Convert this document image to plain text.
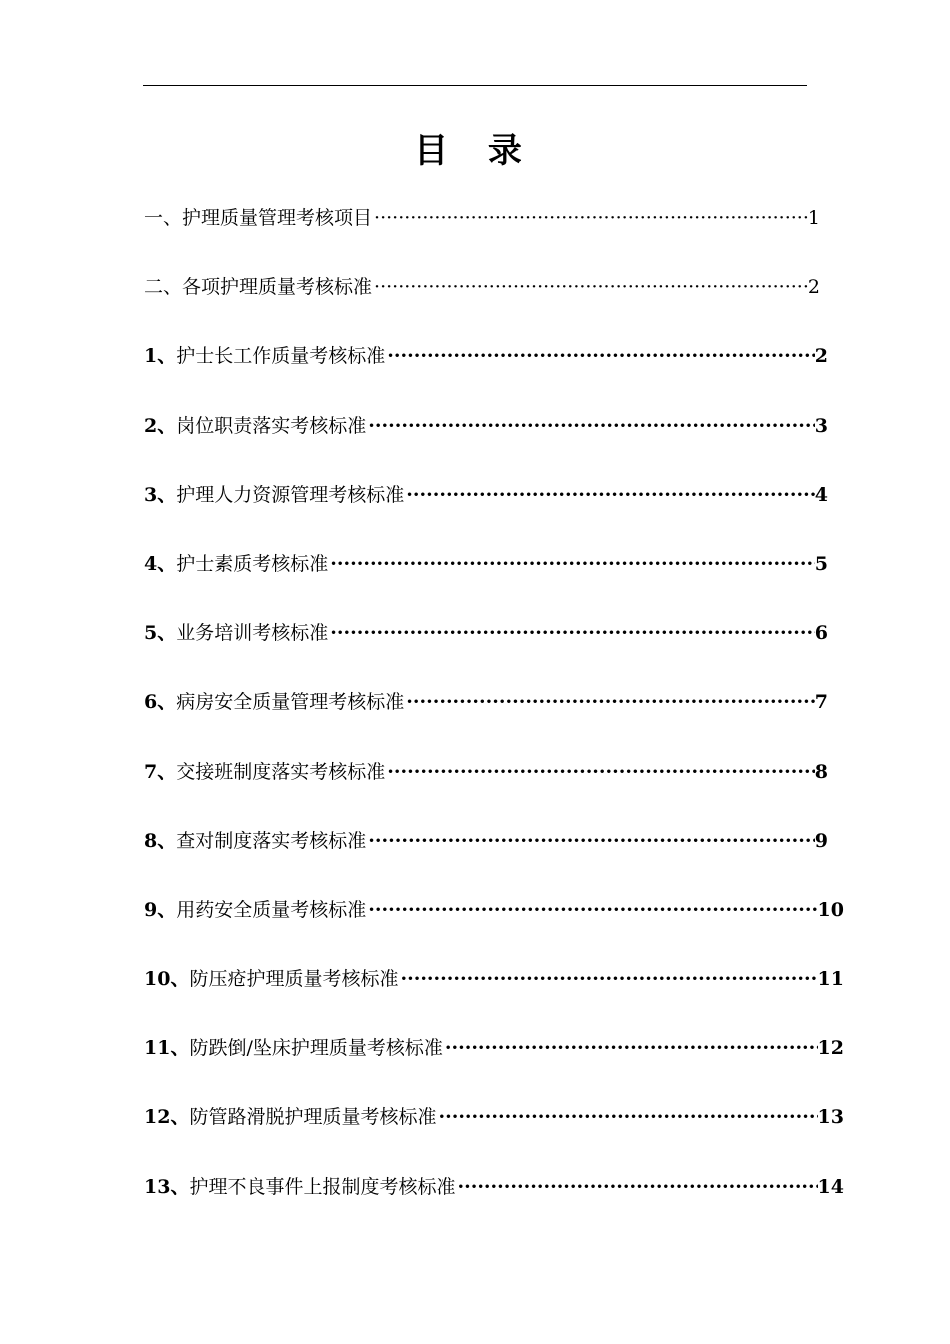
目 录
一、 护理质量管理考核项目 ·····	1
二、 各项护理质量考核标准 ·····	2
1、 护士长工作质量考核标准 ·····	2
2、 岗位职责落实考核标准 ·····	3
3、 护理人力资源管理考核标准 ·····	4
4、 护士素质考核标准 ·····	5
5、 业务培训考核标准 ·····	6
6、 病房安全质量管理考核标准 ·····	7
7、 交接班制度落实考核标准 ·····	8
8、 查对制度落实考核标准 ·····	9
9、 用药安全质量考核标准 ·····	10
10、 防压疮护理质量考核标准 ·····	11
11、 防跌倒/坠床护理质量考核标准 ·····	12
12、 防管路滑脱护理质量考核标准 ·····	13
13、 护理不良事件上报制度考核标准 ·····	14
